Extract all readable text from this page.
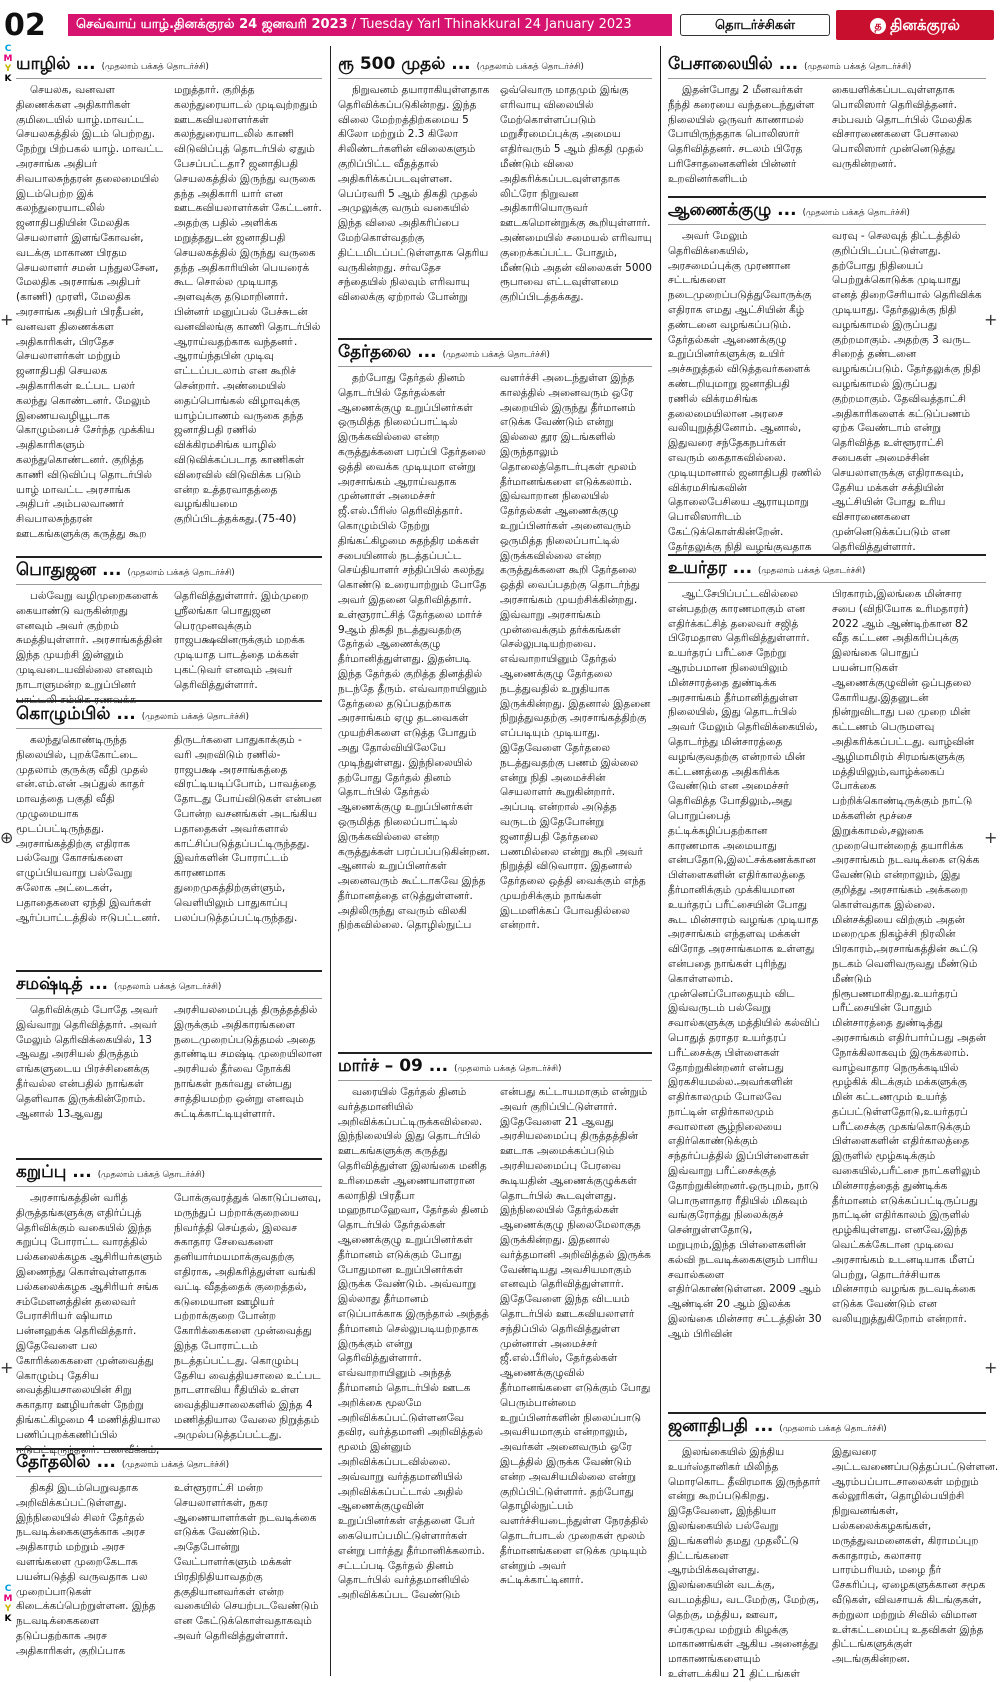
02	செவ்வாய் யாழ்.தினக்குரல் 24 ஜனவரி 2023 / Tuesday Yarl Thinakkural 24 January 2023	தொடர்ச்சிகள்	த தினக்குரல்
C
M
Y
K
C
M
Y
K
⊕
+
+
+
+
+
யாழில் ... (முதலாம் பக்கத் தொடர்ச்சி)

செயலக, வனவள திணைக்கள அதிகாரிகள் குமிடையில் யாழ்.மாவட்ட செயலகத்தில் இடம் பெற்றது. நேற்று பிற்பகல் யாழ். மாவட்ட அரசாங்க அதிபர் சிவபாலசுந்தரன் தலைமையில் இடம்பெற்ற இக் கலந்துரையாடலில் ஜனாதிபதியின் மேலதிக செயலாளர் இளங்கோவன், வடக்கு மாகாண பிரதம செயலாளர் சமன் பந்துலசேன, மேலதிக அரசாங்க அதிபர் (காணி) முரளி, மேலதிக அரசாங்க அதிபர் பிரதீபன், வனவள திணைக்கள அதிகாரிகள், பிரதேச செயலாளர்கள் மற்றும் ஜனாதிபதி செயலக அதிகாரிகள் உட்பட பலர் கலந்து கொண்டனர். மேலும் இணையவழியூடாக கொழும்பைச் சேர்ந்த முக்கிய அதிகாரிகளும் கலந்துகொண்டனர். குறித்த காணி விடுவிப்பு தொடர்பில் யாழ் மாவட்ட அரசாங்க அதிபர் அம்பலவாணர் சிவபாலசுந்தரன் ஊடகங்களுக்கு கருத்து கூற மறுத்தார். குறித்த கலந்துரையாடல் முடிவுற்றதும் ஊடகவியலாளர்கள் கலந்துரையாடலில் காணி விடுவிப்புத் தொடர்பில் ஏதும் பேசப்பட்டதா? ஜனாதிபதி செயலகத்தில் இருந்து வருகை தந்த அதிகாரி யார் என ஊடகவியலாளர்கள் கேட்டனர். அதற்கு பதில் அளிக்க மறுத்ததுடன் ஜனாதிபதி செயலகத்தில் இருந்து வருகை தந்த அதிகாரியின் பெயரைக் கூட சொல்ல முடியாத அளவுக்கு தடுமாறினார். பின்னர் மனுப்பல் பேச்சுடன் வனவிலங்கு காணி தொடர்பில் ஆராய்வதற்காக வந்தனா். ஆராய்ந்தபின் முடிவு எட்டப்படலாம் என கூறிச் சென்றார். அண்மையில் தைப்பொங்கல் விழாவுக்கு யாழ்ப்பாணம் வருகை தந்த ஜனாதிபதி ரணில் விக்கிரமசிங்க யாழில் விடுவிக்கப்படாத காணிகள் விரைவில் விடுவிக்க படும் என்ற உத்தரவாதத்தை வழங்கியமை குறிப்பிடத்தக்கது.(75-40)

பொதுஜன ... (முதலாம் பக்கத் தொடர்ச்சி)

பல்வேறு வழிமுறைகளைக் கையாண்டு வருகின்றது எனவும் அவர் குற்றம் சுமத்தியுள்ளார். அரசாங்கத்தின் இந்த முயற்சி இன்னும் முடிவடையவில்லை எனவும் நாடாளுமன்ற உறுப்பினர் தெரிவித்துள்ளார். இம்முறை ஸ்ரீலங்கா பொதுஜன பெரமுனவுக்கும் ராஜபக்ஷவினருக்கும் மறக்க முடியாத பாடத்தை மக்கள் புகட்டுவர் எனவும் அவர் தெரிவித்துள்ளார்.

கொழும்பில் ... (முதலாம் பக்கத் தொடர்ச்சி)

கலந்துகொண்டிருந்த நிலையில், புறக்கோட்டை முதலாம் குருக்கு வீதி முதல் என்.எம்.என் அப்துல் காதர் மாவத்தை பகுதி வீதி முழுமையாக மூடப்பட்டிருந்தது. அரசாங்கத்திற்கு எதிராக பல்வேறு கோசங்களை எழுப்பியவாறு பல்வேறு சுலோக அட்டைகள், பதாதைகளை ஏந்தி இவர்கள் ஆர்ப்பாட்டத்தில் ஈடுபட்டனர். திருடர்களை பாதுகாக்கும் - வரி அறவிடும் ரணில்-ராஜபக்ஷ அரசாங்கத்தை விரட்டியடிப்போம், பாவத்தை தோடது போய்விடுகள் என்பன போன்ற வசனங்கள் அடங்கிய பதாதைகள் அவர்களால் காட்சிப்படுத்தப்பட்டிருந்தது. இவர்களின் போராட்டம் காரணமாக துறைமுகத்திற்குள்ளும், வெளியிலும் பாதுகாப்பு பலப்படுத்தப்பட்டிருந்தது.

சமஷ்டித் ... (முதலாம் பக்கத் தொடர்ச்சி)

தெரிவிக்கும் போதே அவர் இவ்வாறு தெரிவித்தார். அவர் மேலும் தெரிவிக்கையில், 13 ஆவது அரசியல் திருத்தம் எங்களுடைய பிரச்சினைக்கு தீர்வல்ல என்பதில் நாங்கள் தெளிவாக இருக்கின்றோம். ஆனால் 13ஆவது அரசியலமைப்புத் திருத்தத்தில் இருக்கும் அதிகாரங்களை நடைமுறைப்படுத்தமல் அதை தாண்டிய சமஷ்டி முறையிலான அரசியல் தீர்வை நோக்கி நாங்கள் நகர்வது என்பது சாத்தியமற்ற ஒன்று எனவும் சுட்டிக்காட்டியுள்ளார்.

கறுப்பு ... (முதலாம் பக்கத் தொடர்ச்சி)

அரசாங்கத்தின் வரித் திருத்தங்களுக்கு எதிர்ப்புத் தெரிவிக்கும் வகையில் இந்த கறுப்பு போராட்ட வாரத்தில் பல்கலைக்கழக ஆசிரியர்களும் இணைந்து கொள்வுள்ளதாக பல்கலைக்கழக ஆசிரியர் சங்க சம்மேளனத்தின் தலைவர் பேராசிரியர் ஷியாம பன்னஹக்க தெரிவித்தார். இதேவேளை பல கோரிக்கைகளை முன்வைத்து கொழும்பு தேசிய வைத்தியசாலையின் சிறு சுகாதார ஊழியர்கள் நேற்று திங்கட்கிழமை 4 மணித்தியால பணிப்புறக்கணிப்பில் போக்குவரத்துக் கொடுப்பனவு, மருந்துப் பற்றாக்குறையை நிவர்த்தி செய்தல், இலவச சுகாதார சேவைகளை தனியார்மயமாக்குவதற்கு எதிராக, அதிகரித்துள்ள வங்கி வட்டி வீதத்தைக் குறைத்தல், கடுமையான ஊழியர் பற்றாக்குறை போன்ற கோரிக்கைகளை முன்வைத்து இந்த போராட்டம் நடத்தப்பட்டது. கொழும்பு தேசிய வைத்தியசாலை உட்பட நாடளாவிய ரீதியில் உள்ள வைத்தியசாலைகளில் இந்த 4 மணித்தியால வேலை நிறுத்தம் அமுல்படுத்தப்பட்டது.

தேர்தலில் ... (முதலாம் பக்கத் தொடர்ச்சி)

திகதி இடம்பெறுவதாக அறிவிக்கப்பட்டுள்ளது. இந்நிலையில் சிலர் தேர்தல் நடவடிக்கைகளுக்காக அரச அதிகாரம் மற்றும் அரச வளங்களை முறைகேடாக பயன்படுத்தி வருவதாக பல முறைப்பாடுகள் கிடைக்கப்பெற்றுள்ளன. இந்த நடவடிக்கைகளை தடுப்பதற்காக அரச அதிகாரிகள், குறிப்பாக உள்ளூராட்சி மன்ற செயலாளர்கள், நகர ஆணையாளர்கள் நடவடிக்கை எடுக்க வேண்டும். அதேபோன்று வேட்பாளர்களும் மக்கள் பிரதிநிதியாவதற்கு தகுதியானவர்கள் என்ற வகையில் செயற்படவேண்டும் என கேட்டுக்கொள்வதாகவும் அவர் தெரிவித்துள்ளார்.

ரூ 500 முதல் ... (முதலாம் பக்கத் தொடர்ச்சி)

நிறுவனம் தயாராகியுள்ளதாக தெரிவிக்கப்படுகின்றது. இந்த விலை மேற்றத்திற்கமைய 5 கிலோ மற்றும் 2.3 கிலோ சிலிண்டர்களின் விலைகளும் குறிப்பிட்ட வீதத்தால் அதிகரிக்கப்படவுள்ளன. பெப்ரவரி 5 ஆம் திகதி முதல் அமுலுக்கு வரும் வகையில் இந்த விலை அதிகரிப்பை மேற்கொள்வதற்கு திட்டமிடப்பட்டுள்ளதாக தெரிய வருகின்றது. சர்வதேச சந்தையில் நிலவும் எரிவாயு விலைக்கு ஏற்றால் போன்று ஒவ்வொரு மாதமும் இங்கு எரிவாயு விலையில் மேற்கொள்ளப்படும் மறுசீரமைப்புக்கு அமைய எதிர்வரும் 5 ஆம் திகதி முதல் மீண்டும் விலை அதிகரிக்கப்படவுள்ளதாக லிட்ரோ நிறுவன அதிகாரியொருவர் ஊடகமொன்றுக்கு கூறியுள்ளார். அண்மையில் சமையல் எரிவாயு குறைக்கப்பட்ட போதும், மீண்டும் அதன் விலைகள் 5000 ரூபாவை எட்டவுள்ளமை குறிப்பிடத்தக்கது.

தேர்தலை ... (முதலாம் பக்கத் தொடர்ச்சி)

தற்போது தேர்தல் தினம் தொடர்பில் தேர்தல்கள் ஆணைக்குழு உறுப்பினர்கள் ஒருமித்த நிலைப்பாட்டில் இருக்கவில்லை என்ற கருத்துக்களை பரப்பி தேர்தலை ஒத்தி வைக்க முடியுமா என்று அரசாங்கம் ஆராய்வதாக முன்னாள் அமைச்சர் ஜீ.எல்.பீரிஸ் தெரிவித்தார். கொழும்பில் நேற்று திங்கட்கிழமை சுதந்திர மக்கள் சபையினால் நடத்தப்பட்ட செய்தியாளர் சந்திப்பில் கலந்து கொண்டு உரையாற்றும் போதே அவர் இதனை தெரிவித்தார். உள்ளூராட்சித் தேர்தலை மார்ச் 9ஆம் திகதி நடத்துவதற்கு தேர்தல் ஆணைக்குழு தீர்மானித்துள்ளது. இதன்படி இந்த தேர்தல் குறித்த தினத்தில் நடந்தே தீரும். எவ்வாறாயினும் தேர்தலை தடுப்பதற்காக அரசாங்கம் ஏழு தடவைகள் முயற்சிகளை எடுத்த போதும் அது தோல்வியிலேயே முடிந்துள்ளது. இந்நிலையில் தற்போது தேர்தல் தினம் தொடர்பில் தேர்தல் ஆணைக்குழு உறுப்பினர்கள் ஒருமித்த நிலைப்பாட்டில் இருக்கவில்லை என்ற கருத்துக்கள் பரப்பப்படுகின்றன. ஆனால் உறுப்பினர்கள் அனைவரும் கூட்டாகவே இந்த தீர்மானத்தை எடுத்துள்ளனர். அதிலிருந்து எவரும் விலகி நிற்கவில்லை. தொழில்நுட்ப வளர்ச்சி அடைந்துள்ள இந்த காலத்தில் அனைவரும் ஒரே அறையில் இருந்து தீர்மானம் எடுக்க வேண்டும் என்று இல்லை தூர இடங்களில் இருந்தாலும் தொலைத்தொடர்புகள் மூலம் தீர்மானங்களை எடுக்கலாம். இவ்வாறான நிலையில் தேர்தல்கள் ஆணைக்குழு உறுப்பினர்கள் அனைவரும் ஒருமித்த நிலைப்பாட்டில் இருக்கவில்லை என்ற கருத்துக்களை கூறி தேர்தலை ஒத்தி வைப்பதற்கு தொடர்ந்து அரசாங்கம் முயற்சிக்கின்றது. இவ்வாறு அரசாங்கம் முன்வைக்கும் தர்க்கங்கள் செல்லுபடியற்றவை. எவ்வாறாயினும் தேர்தல் ஆணைக்குழு தேர்தலை நடத்துவதில் உறுதியாக இருக்கின்றது. இதனால் இதனை நிறுத்துவதற்கு அரசாங்கத்திற்கு எப்படியும் முடியாது. இதேவேளை தேர்தலை நடத்துவதற்கு பணம் இல்லை என்று நிதி அமைச்சின் செயலாளர் கூறுகின்றார். அப்படி என்றால் அடுத்த வருடம் இதேபோன்று ஜனாதிபதி தேர்தலை பணமில்லை என்று கூறி அவர் நிறுத்தி விடுவாரா. இதனால் தேர்தலை ஒத்தி வைக்கும் எந்த முயற்சிக்கும் நாங்கள் இடமளிக்கப் போவதில்லை என்றார்.

மார்ச் – 09 ... (முதலாம் பக்கத் தொடர்ச்சி)

வரையில் தேர்தல் தினம் வர்த்தமானியில் அறிவிக்கப்பட்டிருக்கவில்லை. இந்நிலையில் இது தொடர்பில் ஊடகங்களுக்கு கருத்து தெரிவித்துள்ள இலங்கை மனித உரிமைகள் ஆணையாளரான கலாநிதி பிரதீபா மஹநாமஹேவா, தேர்தல் தினம் தொடர்பில் தேர்தல்கள் ஆணைக்குழு உறுப்பினர்கள் தீர்மானம் எடுக்கும் போது போதுமான உறுப்பினர்கள் இருக்க வேண்டும். அவ்வாறு இல்லாது தீர்மானம் எடுப்பாக்காக இருந்தால் அந்தத் தீர்மானம் செல்லுபடியற்றதாக இருக்கும் என்று தெரிவித்துள்ளார். எவ்வாறாயினும் அந்தத் தீர்மானம் தொடர்பில் ஊடக அறிக்கை மூலமே அறிவிக்கப்பட்டுள்ளனவே தவிர, வர்த்தமானி அறிவித்தல் மூலம் இன்னும் அறிவிக்கப்படவில்லை. அவ்வாறு வர்த்தமானியில் அறிவிக்கப்பட்டால் அதில் ஆணைக்குழுவின் உறுப்பினர்கள் எத்தனை பேர் கையொப்பமிட்டுள்ளார்கள் என்று பார்த்து தீர்மானிக்கலாம். சட்டப்படி தேர்தல் தினம் தொடர்பில் வர்த்தமானியில் அறிவிக்கப்பட வேண்டும் என்பது கட்டாயமாகும் என்றும் அவர் குறிப்பிட்டுள்ளார். இதேவேளை 21 ஆவது அரசியலமைப்பு திருத்தத்தின் ஊடாக அமைக்கப்படும் அரசியலமைப்பு பேரவை கூடியதின் ஆணைக்குழுக்கள் தொடர்பில் கூடவுள்ளது. இந்நிலையில் தேர்தல்கள் ஆணைக்குழு நிலைமேலாகுத இருக்கின்றது. இதனால் வர்த்தமானி அறிவித்தல் இருக்க வேண்டியது அவசியமாகும் எனவும் தெரிவித்துள்ளார். இதேவேளை இந்த விடயம் தொடர்பில் ஊடகவியலாளர் சந்திப்பில் தெரிவித்துள்ள முன்னாள் அமைச்சர் ஜீ.எல்.பீரிஸ், தேர்தல்கள் ஆணைக்குழுவில் தீர்மானங்களை எடுக்கும் போது பெரும்பான்மை உறுப்பினர்களின் நிலைப்பாடு அவசியமாகும் என்றாலும், அவர்கள் அனைவரும் ஒரே இடத்தில் இருக்க வேண்டும் என்ற அவசியமில்லை என்று குறிப்பிட்டுள்ளார். தற்போது தொழில்நுட்பம் வளர்ச்சியடைந்துள்ள நேரத்தில் தொடர்பாடல் முறைகள் மூலம் தீர்மானங்களை எடுக்க முடியும் என்றும் அவர் சுட்டிக்காட்டினார்.

பேசாலையில் ... (முதலாம் பக்கத் தொடர்ச்சி)

இதன்போது 2 மீனவர்கள் நீந்தி கரையை வந்தடைந்துள்ள நிலையில் ஒருவர் காணாமல் போயிருந்ததாக பொலிஸார் தெரிவித்தனர். சடலம் பிரேத பரிசோதனைகளின் பின்னர் உறவினர்களிடம் கையளிக்கப்படவுள்ளதாக பொலிஸார் தெரிவித்தனர். சம்பவம் தொடர்பில் மேலதிக விசாரணைகளை பேசாலை பொலிஸார் முன்னெடுத்து வருகின்றனர்.

ஆணைக்குழு ... (முதலாம் பக்கத் தொடர்ச்சி)

அவர் மேலும் தெரிவிக்கையில், அரசமைப்புக்கு முரணான சட்டங்களை நடைமுறைப்படுத்துவோருக்கு எதிராக எமது ஆட்சியின் கீழ் தண்டனை வழங்கப்படும். தேர்தல்கள் ஆணைக்குழு உறுப்பினர்களுக்கு உயிர் அச்சுறுத்தல் விடுத்தவர்களைக் கண்டறியுமாறு ஜனாதிபதி ரணில் விக்ரமசிங்க தலைமையிலான அரசை வலியுறுத்தினோம். ஆனால், இதுவரை சந்தேகநபர்கள் எவரும் கைதாகவில்லை. முடியுமானால் ஜனாதிபதி ரணில் விக்ரமசிங்கவின் தொலைபேசியை ஆராயுமாறு பொலிஸாரிடம் கேட்டுக்கொள்கின்றேன். தேர்தலுக்கு நிதி வழங்குவதாக வரவு - செலவுத் திட்டத்தில் குறிப்பிடப்பட்டுள்ளது. தற்போது நிதியைப் பெற்றுக்கொடுக்க முடியாது எனத் திறைசேரியால் தெரிவிக்க முடியாது. தேர்தலுக்கு நிதி வழங்காமல் இருப்பது குற்றமாகும். அதற்கு 3 வருட சிறைத் தண்டனை வழங்கப்படும். தேர்தலுக்கு நிதி வழங்காமல் இருப்பது குற்றமாகும். தேவிவத்தாட்சி அதிகாரிகளைக் கட்டுப்பணம் ஏற்க வேண்டாம் என்று தெரிவித்த உள்ளூராட்சி சபைகள் அமைச்சின் செயலாளருக்கு எதிராகவும், தேசிய மக்கள் சக்தியின் ஆட்சியின் போது உரிய விசாரணைகளை முன்னெடுக்கப்படும் என தெரிவித்துள்ளார்.

உயர்தர ... (முதலாம் பக்கத் தொடர்ச்சி)

ஆட்சேபிப்பட்டவில்லை என்பதற்கு காரணமாகும் என எதிர்க்கட்சித் தலைவர் சஜித் பிரேமதாஸ தெரிவித்துள்ளார். உயர்தரப் பரீட்சை நேற்று ஆரம்பமான நிலையிலும் மின்சாரத்தை துண்டிக்க அரசாங்கம் தீர்மானித்துள்ள நிலையில், இது தொடர்பில் அவர் மேலும் தெரிவிக்கையில், தொடர்ந்து மின்சாரத்தை வழங்குவதற்கு என்றால் மின் கட்டணத்தை அதிகரிக்க வேண்டும் என அமைச்சர் தெரிவித்த போதிலும்,அது பொறுப்பைத் தட்டிக்கழிப்பதற்கான காரணமாக அமையாது என்பதோடு,இலட்சக்கணக்கான பிள்ளைகளின் எதிர்காலத்தை தீர்மானிக்கும் முக்கியமான உயர்தரப் பரீட்சையின் போது கூட மின்சாரம் வழங்க முடியாத அரசாங்கம் எந்தளவு மக்கள் விரோத அரசாங்கமாக உள்ளது என்பதை நாங்கள் புரிந்து கொள்ளலாம். முன்னெப்போதையும் விட இவ்வருடம் பல்வேறு சவால்களுக்கு மத்தியில் கல்விப் பொதுத் தராதர உயர்தரப் பரீட்சைக்கு பிள்ளைகள் தோற்றுகின்றனர் என்பது இரகசியமல்ல.அவர்களின் எதிர்காலமும் போலவே நாட்டின் எதிர்காலமும் சவாலான சூழ்நிலையை எதிர்கொண்டுக்கும் சந்தர்ப்பத்தில் இப்பிள்ளைகள் இவ்வாறு பரீட்சைக்குத் தோற்றுகின்றனர்.ஒருபுறம், நாடு பொருளாதார ரீதியில் மிகவும் வங்குரோத்து நிலைக்குச் சென்றுள்ளதோடு, மறுபுறம்,இந்த பிள்ளைகளின் கல்வி நடவடிக்கைகளும் பாரிய சவால்களை எதிர்கொண்டுள்ளன. 2009 ஆம் ஆண்டின் 20 ஆம் இலக்க இலங்கை மின்சார சட்டத்தின் 30 ஆம் பிரிவின் பிரகாரம்,இலங்கை மின்சார சபை (விநியோக உரிமதாரர்) 2022 ஆம் ஆண்டிற்கான 82 வீத கட்டண அதிகரிப்புக்கு இலங்கை பொதுப் பயன்பாடுகள் ஆணைக்குழுவின் ஒப்புதலை கோரியது.இதனுடன் நின்றுவிடாது பல முறை மின் கட்டணம் பெருமளவு அதிகரிக்கப்பட்டது. வாழ்வின் ஆழிமாமிரம் சிரமங்களுக்கு மத்தியிலும்,வாழ்க்கைப் போக்கை பற்றிக்கொண்டிருக்கும் நாட்டு மக்களின் மூச்சை இறுக்காமல்,சலுகை முறையொன்றைத் தயாரிக்க அரசாங்கம் நடவடிக்கை எடுக்க வேண்டும் என்றாலும், இது குறித்து அரசாங்கம் அக்கறை கொள்வதாக இல்லை. மின்சக்தியை விற்கும் அதன் மறைமுக நிகழ்ச்சி நிரலின் பிரகாரம்,அரசாங்கத்தின் கூட்டு நடகம் வெளிவருவது மீண்டும் மீண்டும் நிரூபணமாகிறது.உயர்தரப் பரீட்சையின் போதும் மின்சாரத்தை துண்டித்து அரசாங்கம் எதிர்பார்ப்பது அதன் நோக்கிலாகவும் இருக்கலாம். வாழ்வாதார நெருக்கடியில் மூழ்கிக் கிடக்கும் மக்களுக்கு மின் கட்டணமும் உயர்த் தப்பட்டுள்ளதோடு,உயர்தரப் பரீட்சைக்கு முகங்கொடுக்கும் பிள்ளைகளின் எதிர்காலத்தை இருளில் மூழ்கடிக்கும் வகையில்,பரீட்சை நாட்களிலும் மின்சாரத்தைத் துண்டிக்க தீர்மானம் எடுக்கப்பட்டிருப்பது நாட்டின் எதிர்காலம் இருளில் மூழ்கியுள்ளது. எனவே,இந்த வெட்கக்கேடான முடிவை அரசாங்கம் உடனடியாக மீளப் பெற்று, தொடர்ச்சியாக மின்சாரம் வழங்க நடவடிக்கை எடுக்க வேண்டும் என வலியுறுத்துகிறோம் என்றார்.

ஜனாதிபதி ... (முதலாம் பக்கத் தொடர்ச்சி)

இலங்கையில் இந்திய உயர்ஸ்தானிகர் மிலிந்த மொரகொட தீவிரமாக இருந்தார் என்று கூறப்படுகிறது. இதேவேளை, இந்தியா இலங்கையில் பல்வேறு இடங்களில் தமது முதலீட்டு திட்டங்களை ஆரம்பிக்கவுள்ளது. இலங்கையின் வடக்கு, வடமத்திய, வடமேற்கு, மேற்கு, தெற்கு, மத்திய, ஊவா, சப்ரகமுவ மற்றும் கிழக்கு மாகாணங்கள் ஆகிய அனைத்து மாகாணங்களையும் உள்ளடக்கிய 21 திட்டங்கள் இதுவரை அட்டவணைப்படுத்தப்பட்டுள்ளன. ஆரம்பப்பாடசாலைகள் மற்றும் கல்லூரிகள், தொழில்பயிற்சி நிறுவனங்கள், பல்கலைக்கழகங்கள், மருத்துவமனைகள், கிராமப்புற சுகாதாரம், கலாசார பாரம்பரியம், மழை நீர் சேகரிப்பு, ஏழைகளுக்கான சமூக வீடுகள், விவசாயக் கிடங்குகள், சுற்றுலா மற்றும் சிவில் விமான உள்கட்டமைப்பு உதவிகள் இந்த திட்டங்களுக்குள் அடங்குகின்றன.
